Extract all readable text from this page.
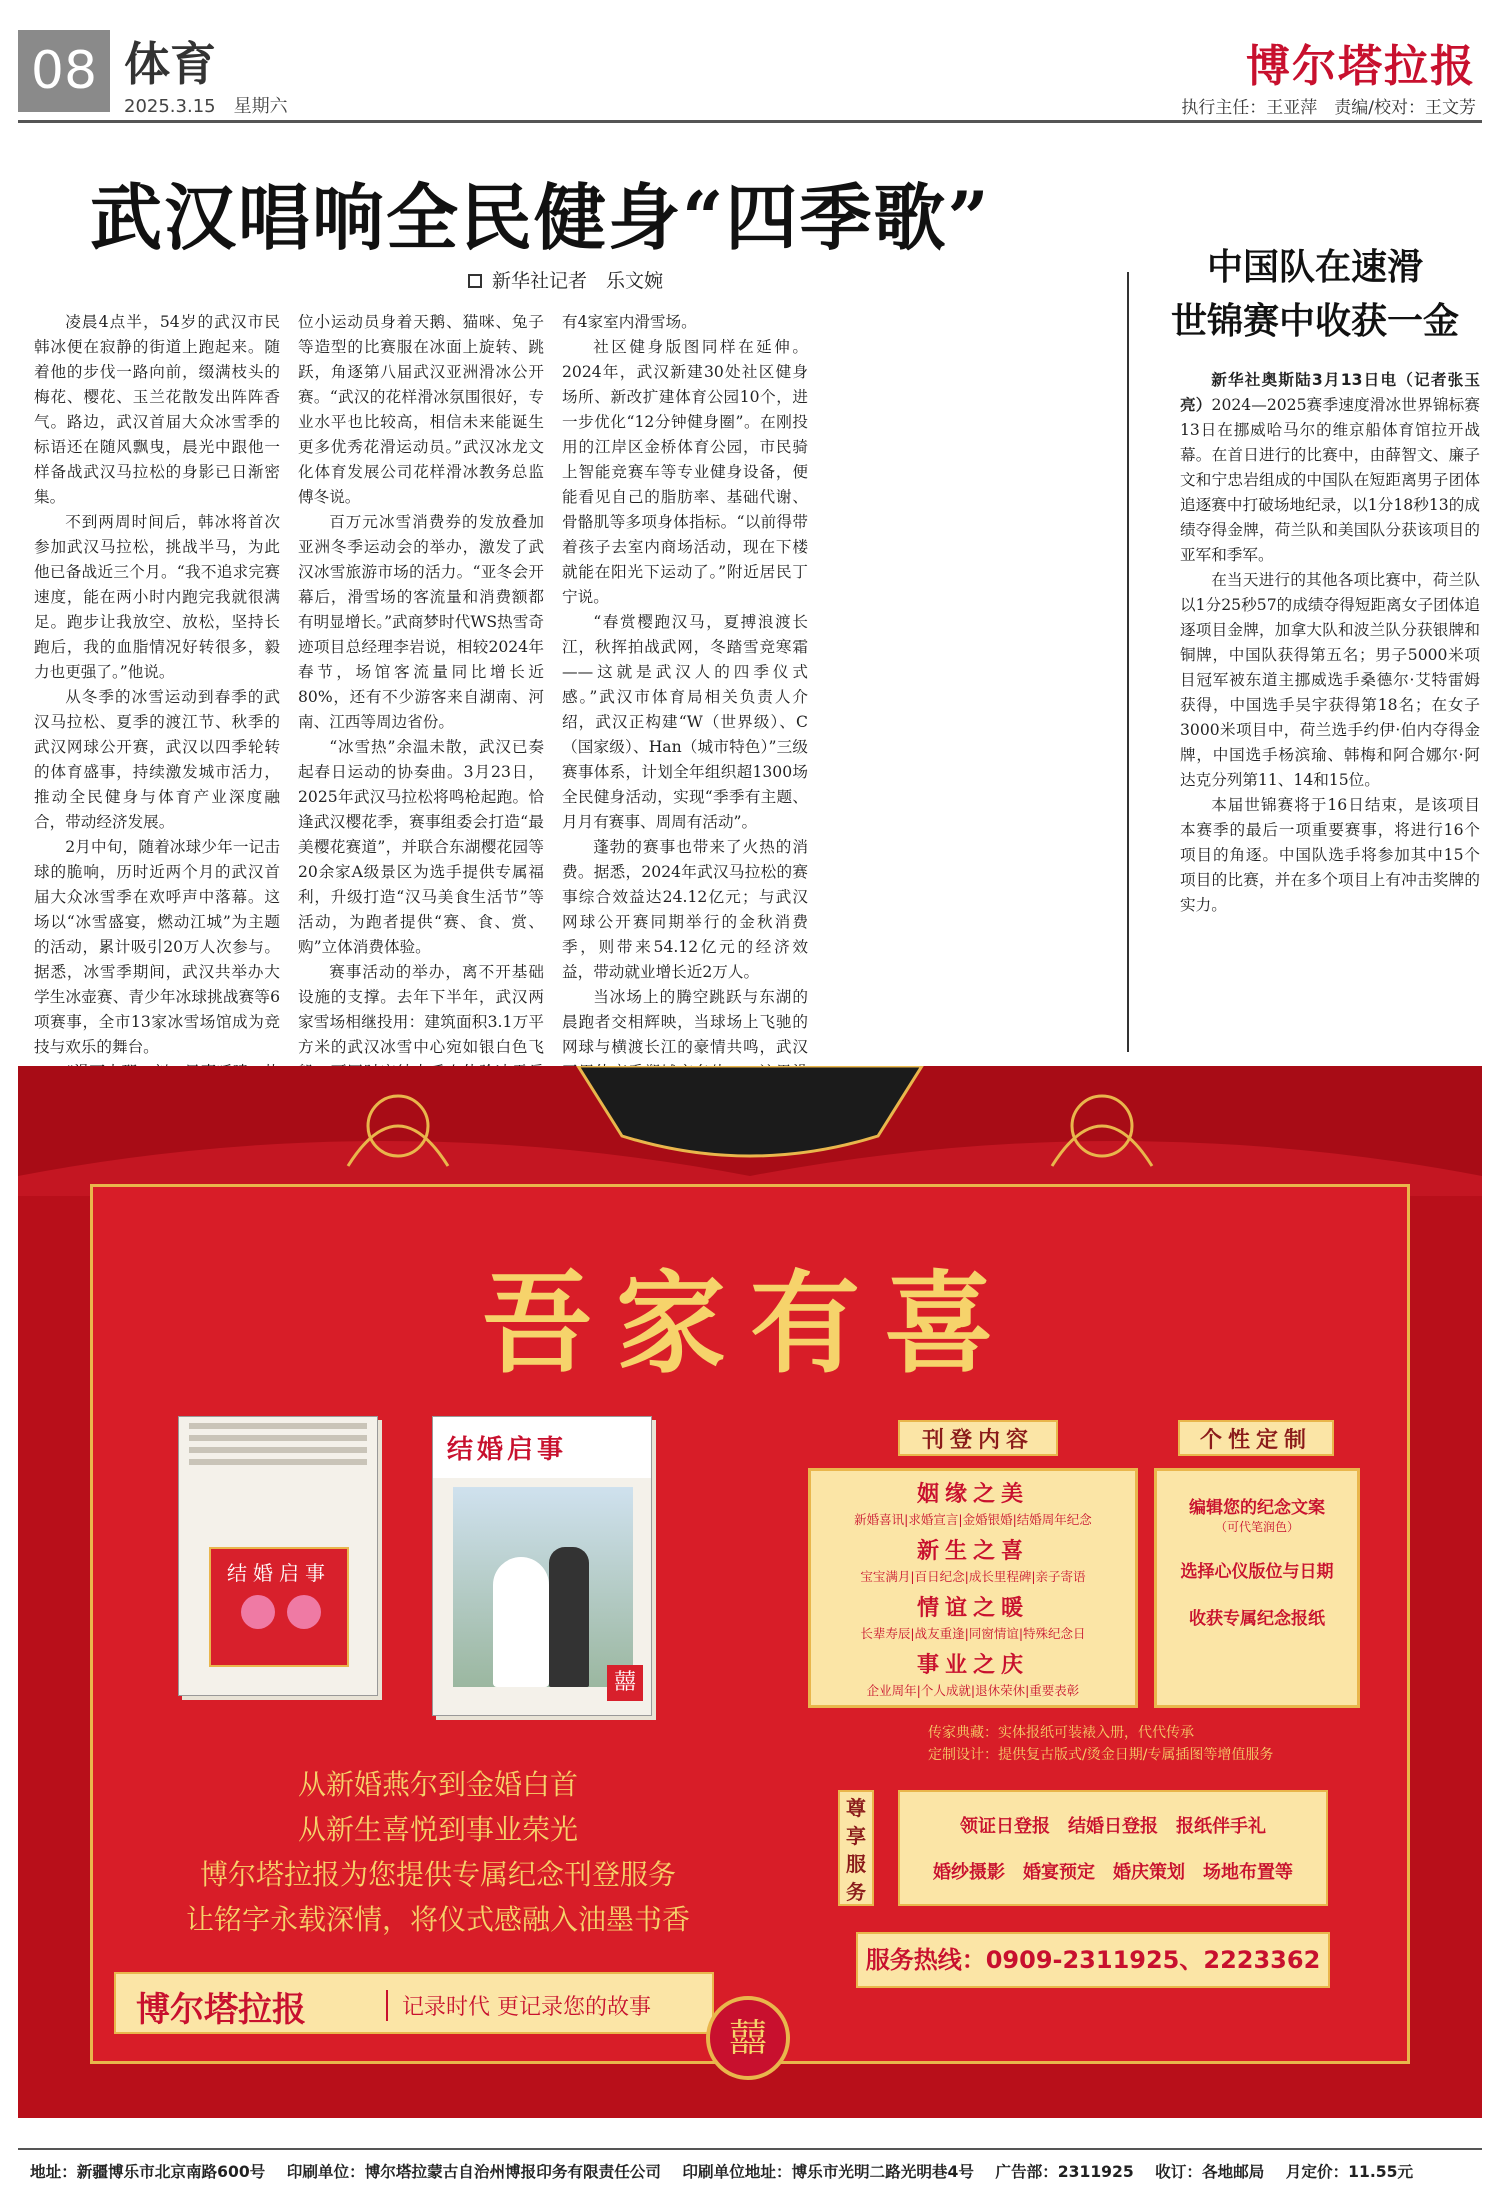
08 体育
2025.3.15　星期六
博尔塔拉报
执行主任：王亚萍　责编/校对：王文芳
武汉唱响全民健身“四季歌”
新华社记者　乐文婉

凌晨4点半，54岁的武汉市民韩冰便在寂静的街道上跑起来。随着他的步伐一路向前，缀满枝头的梅花、樱花、玉兰花散发出阵阵香气。路边，武汉首届大众冰雪季的标语还在随风飘曳，晨光中跟他一样备战武汉马拉松的身影已日渐密集。

不到两周时间后，韩冰将首次参加武汉马拉松，挑战半马，为此他已备战近三个月。“我不追求完赛速度，能在两小时内跑完我就很满足。跑步让我放空、放松，坚持长跑后，我的血脂情况好转很多，毅力也更强了。”他说。

从冬季的冰雪运动到春季的武汉马拉松、夏季的渡江节、秋季的武汉网球公开赛，武汉以四季轮转的体育盛事，持续激发城市活力，推动全民健身与体育产业深度融合，带动经济发展。

2月中旬，随着冰球少年一记击球的脆响，历时近两个月的武汉首届大众冰雪季在欢呼声中落幕。这场以“冰雪盛宴，燃动江城”为主题的活动，累计吸引20万人次参与。据悉，冰雪季期间，武汉共举办大学生冰壶赛、青少年冰球挑战赛等6项赛事，全市13家冰雪场馆成为竞技与欢乐的舞台。

位小运动员身着天鹅、猫咪、兔子等造型的比赛服在冰面上旋转、跳跃，角逐第八届武汉亚洲滑冰公开赛。“武汉的花样滑冰氛围很好，专业水平也比较高，相信未来能诞生更多优秀花滑运动员。”武汉冰龙文化体育发展公司花样滑冰教务总监傅冬说。

百万元冰雪消费券的发放叠加亚洲冬季运动会的举办，激发了武汉冰雪旅游市场的活力。“亚冬会开幕后，滑雪场的客流量和消费额都有明显增长。”武商梦时代WS热雪奇迹项目总经理李岩说，相较2024年春节，场馆客流量同比增长近80%，还有不少游客来自湖南、河南、江西等周边省份。

“冰雪热”余温未散，武汉已奏起春日运动的协奏曲。3月23日，2025年武汉马拉松将鸣枪起跑。恰逢武汉樱花季，赛事组委会打造“最美樱花赛道”，并联合东湖樱花园等20余家A级景区为选手提供专属福利，升级打造“汉马美食生活节”等活动，为跑者提供“赛、食、赏、购”立体消费体验。

赛事活动的举办，离不开基础设施的支撑。去年下半年，武汉两家雪场相继投用：建筑面积3.1万平方米的武汉冰雪中心宛如银白色飞

有4家室内滑雪场。

社区健身版图同样在延伸。2024年，武汉新建30处社区健身场所、新改扩建体育公园10个，进一步优化“12分钟健身圈”。在刚投用的江岸区金桥体育公园，市民骑上智能竞赛车等专业健身设备，便能看见自己的脂肪率、基础代谢、骨骼肌等多项身体指标。“以前得带着孩子去室内商场活动，现在下楼就能在阳光下运动了。”附近居民丁宁说。

“春赏樱跑汉马，夏搏浪渡长江，秋挥拍战武网，冬踏雪竞寒霜——这就是武汉人的四季仪式感。”武汉市体育局相关负责人介绍，武汉正构建“W（世界级）、C（国家级）、Han（城市特色）”三级赛事体系，计划全年组织超1300场全民健身活动，实现“季季有主题、月月有赛事、周周有活动”。

蓬勃的赛事也带来了火热的消费。据悉，2024年武汉马拉松的赛事综合效益达24.12亿元；与武汉网球公开赛同期举行的金秋消费季，则带来54.12亿元的经济效益，带动就业增长近2万人。

当冰场上的腾空跳跃与东湖的晨跑者交相辉映，当球场上飞驰的网球与横渡长江的豪情共鸣，武汉

中国队在速滑
世锦赛中收获一金

新华社奥斯陆3月13日电（记者张玉亮）2024—2025赛季速度滑冰世界锦标赛13日在挪威哈马尔的维京船体育馆拉开战幕。在首日进行的比赛中，由薛智文、廉子文和宁忠岩组成的中国队在短距离男子团体追逐赛中打破场地纪录，以1分18秒13的成绩夺得金牌，荷兰队和美国队分获该项目的亚军和季军。

在当天进行的其他各项比赛中，荷兰队以1分25秒57的成绩夺得短距离女子团体追逐项目金牌，加拿大队和波兰队分获银牌和铜牌，中国队获得第五名；男子5000米项目冠军被东道主挪威选手桑德尔·艾特雷姆获得，中国选手吴宇获得第18名；在女子3000米项目中，荷兰选手约伊·伯内夺得金牌，中国选手杨滨瑜、韩梅和阿合娜尔·阿达克分列第11、14和15位。

本届世锦赛将于16日结束，是该项目本赛季的最后一项重要赛事，将进行16个项目的角逐。中国队选手将参加其中15个项目的比赛，并在多个项目上有冲击奖牌的实力。

吾家有喜
结婚启事
结婚启事
囍
从新婚燕尔到金婚白首
从新生喜悦到事业荣光
博尔塔拉报为您提供专属纪念刊登服务
让铭字永载深情，将仪式感融入油墨书香
博尔塔拉报	记录时代 更记录您的故事
刊登内容
姻缘之美
新婚喜讯|求婚宣言|金婚银婚|结婚周年纪念
新生之喜
宝宝满月|百日纪念|成长里程碑|亲子寄语
情谊之暖
长辈寿辰|战友重逢|同窗情谊|特殊纪念日
事业之庆
企业周年|个人成就|退休荣休|重要表彰
个性定制
编辑您的纪念文案
（可代笔润色）
选择心仪版位与日期
收获专属纪念报纸
传家典藏：实体报纸可装裱入册，代代传承
定制设计：提供复古版式/烫金日期/专属插图等增值服务
尊享服务
领证日登报　结婚日登报　报纸伴手礼
婚纱摄影　婚宴预定　婚庆策划　场地布置等
服务热线：0909-2311925、2223362
囍
地址：新疆博乐市北京南路600号 印刷单位：博尔塔拉蒙古自治州博报印务有限责任公司 印刷单位地址：博乐市光明二路光明巷4号 广告部：2311925 收订：各地邮局 月定价：11.55元
